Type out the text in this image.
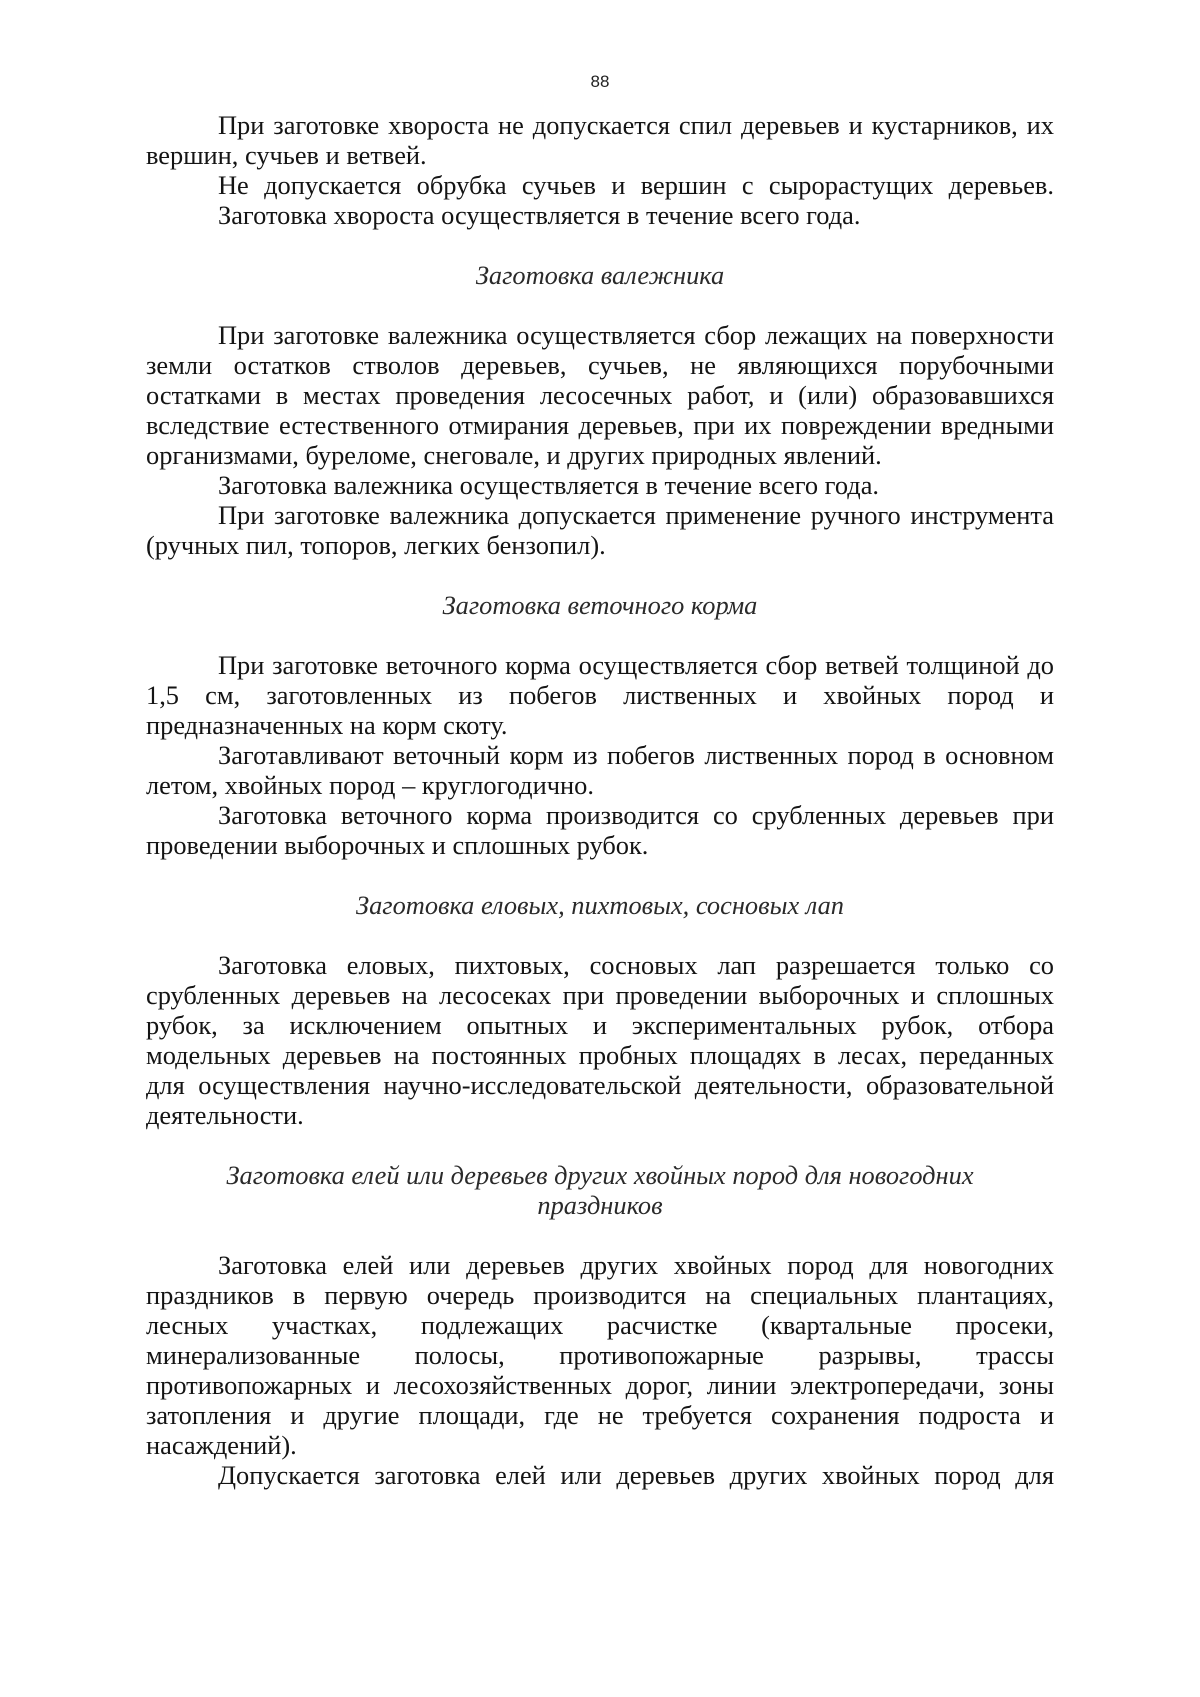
88

При заготовке хвороста не допускается спил деревьев и кустарников, их вершин, сучьев и ветвей.

Не допускается обрубка сучьев и вершин с сырорастущих деревьев.

Заготовка хвороста осуществляется в течение всего года.

Заготовка валежника

При заготовке валежника осуществляется сбор лежащих на поверхности земли остатков стволов деревьев, сучьев, не являющихся порубочными остатками в местах проведения лесосечных работ, и (или) образовавшихся вследствие естественного отмирания деревьев, при их повреждении вредными организмами, буреломе, снеговале, и других природных явлений.

Заготовка валежника осуществляется в течение всего года.

При заготовке валежника допускается применение ручного инструмента (ручных пил, топоров, легких бензопил).

Заготовка веточного корма

При заготовке веточного корма осуществляется сбор ветвей толщиной до 1,5 см, заготовленных из побегов лиственных и хвойных пород и предназначенных на корм скоту.

Заготавливают веточный корм из побегов лиственных пород в основном летом, хвойных пород – круглогодично.

Заготовка веточного корма производится со срубленных деревьев при проведении выборочных и сплошных рубок.

Заготовка еловых, пихтовых, сосновых лап

Заготовка еловых, пихтовых, сосновых лап разрешается только со срубленных деревьев на лесосеках при проведении выборочных и сплошных рубок, за исключением опытных и экспериментальных рубок, отбора модельных деревьев на постоянных пробных площадях в лесах, переданных для осуществления научно-исследовательской деятельности, образовательной деятельности.

Заготовка елей или деревьев других хвойных пород для новогодних праздников

Заготовка елей или деревьев других хвойных пород для новогодних праздников в первую очередь производится на специальных плантациях, лесных участках, подлежащих расчистке (квартальные просеки, минерализованные полосы, противопожарные разрывы, трассы противопожарных и лесохозяйственных дорог, линии электропередачи, зоны затопления и другие площади, где не требуется сохранения подроста и насаждений).

Допускается заготовка елей или деревьев других хвойных пород для
